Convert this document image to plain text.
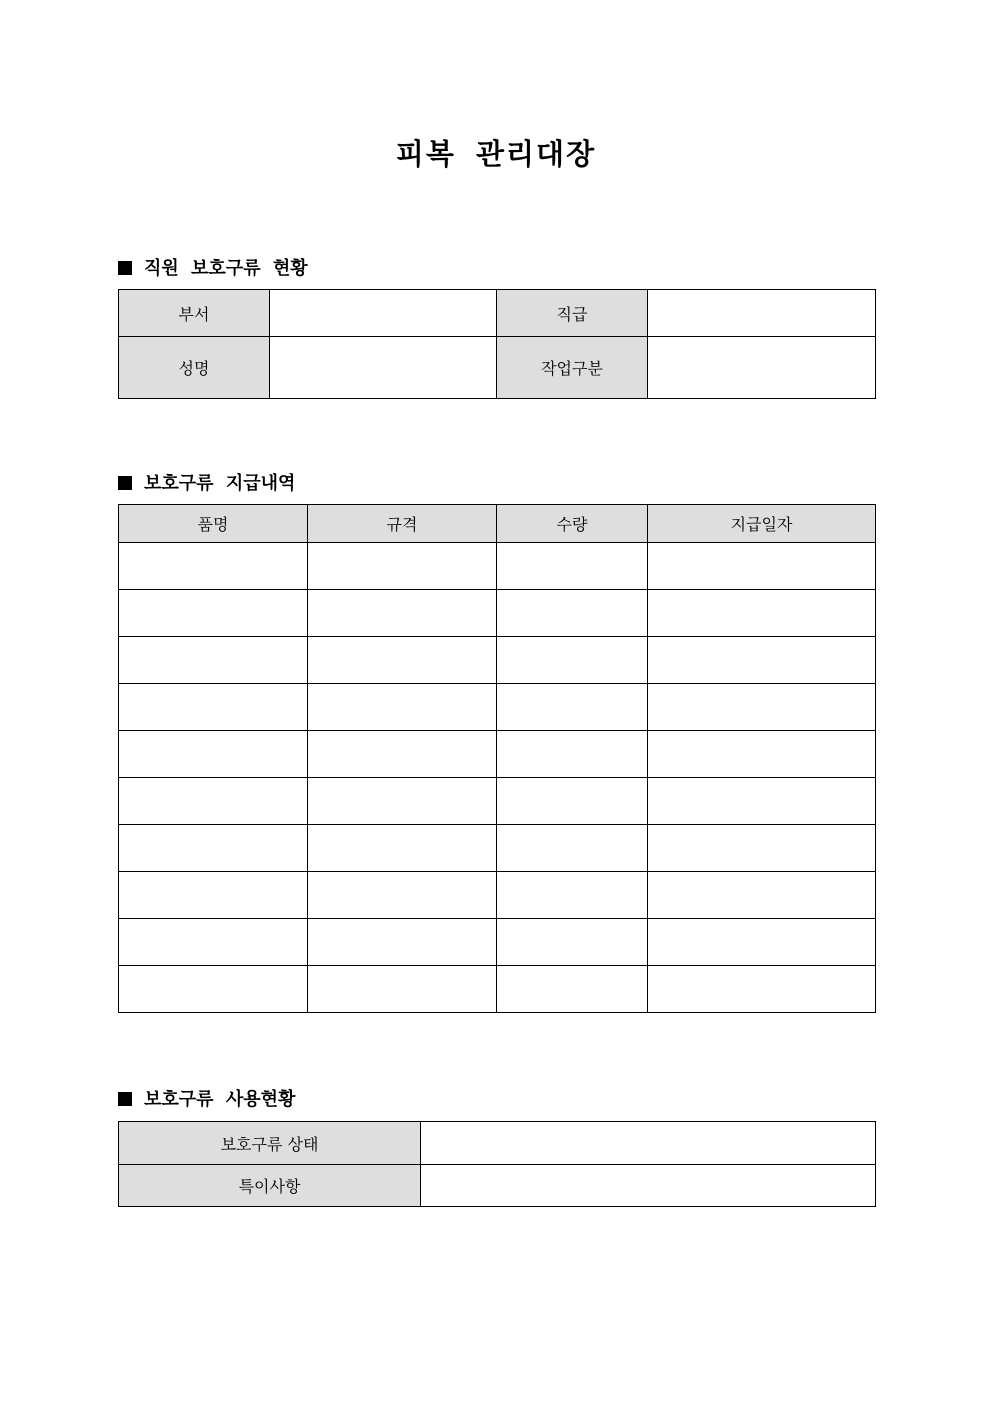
피복 관리대장
직원 보호구류 현황
부서		직급	
성명		작업구분	
보호구류 지급내역
품명	규격	수량	지급일자

보호구류 사용현황
보호구류 상태	
특이사항	
